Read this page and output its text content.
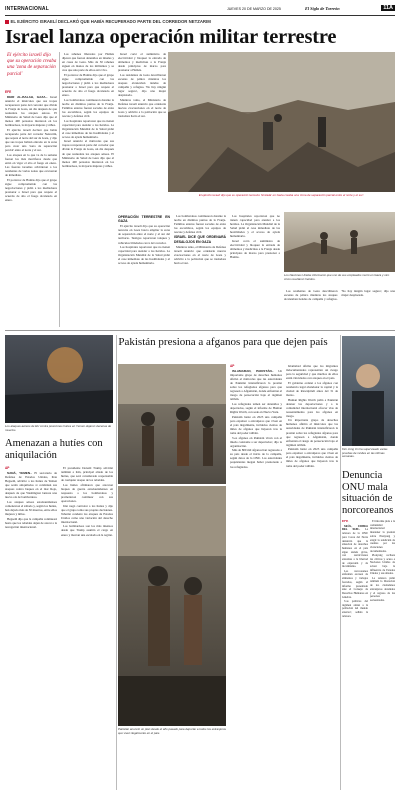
INTERNACIONAL	JUEVES 20 DE MARZO DE 2025	El Siglo de Torreón	11A
EL EJÉRCITO ISRAELÍ DECLARÓ QUE HABÍA RECUPERADO PARTE DEL CORREDOR NETZARIM
Israel lanza operación militar terrestre
El ejército israelí dijo que su operación creaba una 'zona de separación parcial'
EFE

DEIR AL-BALAH, GAZA.- Israel anunció el miércoles que sus tropas recuperaron parte del corredor que divide la Franja de Gaza, un día después de que reanudara los ataques aéreos. El Ministerio de Salud de Gaza dijo que al menos 400 personas murieron en los bombardeos, la mayoría mujeres y niños.

El ejército israelí declaró que había recuperado parte del corredor Netzarim, que separa el norte del sur de Gaza, y dijo que sus tropas habían entrado en la zona para crear una 'zona de separación parcial' entre el norte y el sur.

Los ataques en lo que va de la semana fueron los más mortíferos desde que entró en vigor el alto el fuego en enero. Las fuerzas israelíes advirtieron a los residentes de varias zonas que evacuaran de inmediato.

El portavoz de Hamás dijo que el grupo sigue comprometido con las negociaciones y pidió a los mediadores presionar a Israel para que respete el acuerdo de alto el fuego alcanzado en enero.

Los rehenes liberados por Hamás dijeron que fueron detenidos en túneles y en casas de Gaza. Más de 50 rehenes siguen en manos de los militantes y se cree que una parte de ellos está viva.

El portavoz de Hamás dijo que el grupo sigue comprometido con las negociaciones y pidió a los mediadores presionar a Israel para que respete el acuerdo de alto el fuego alcanzado en enero.

Los bombardeos continuaron durante la noche en distintos puntos de la Franja. Familias enteras fueron sacadas de entre los escombros, según los equipos de rescate y defensa civil.

Los hospitales reportaron que no tienen capacidad para atender a los heridos. La Organización Mundial de la Salud pidió el cese inmediato de las hostilidades y el acceso de ayuda humanitaria.

Israel anunció el miércoles que sus tropas recuperaron parte del corredor que divide la Franja de Gaza, un día después de que reanudara los ataques aéreos. El Ministerio de Salud de Gaza dijo que al menos 400 personas murieron en los bombardeos, la mayoría mujeres y niños.

Israel cortó el suministro de electricidad y bloqueó la entrada de alimentos y medicinas a la Franja desde principios de marzo para presionar a Hamás.

Los residentes de Gaza describieron escenas de pánico mientras los ataques alcanzaban tiendas de campaña y refugios. 'No hay ningún lugar seguro', dijo una mujer desplazada.

Mientras tanto, el Ministerio de Defensa israelí anunció que ordenaría nuevas evacuaciones en el norte de Gaza y advirtió a la población que se trasladara hacia el sur.

El ejército israelí dijo que su operación terrestre 'limitada' en Gaza creaba una 'zona de separación parcial entre el norte y el sur'.
OPERACIÓN TERRESTRE EN GAZA

El ejército israelí dijo que su operación terrestre en Gaza busca ampliar la zona de separación entre el norte y el sur del territorio. Testigos reportaron tanques y vehículos blindados cerca del corredor.

Los hospitales reportaron que no tienen capacidad para atender a los heridos. La Organización Mundial de la Salud pidió el cese inmediato de las hostilidades y el acceso de ayuda humanitaria.

Los bombardeos continuaron durante la noche en distintos puntos de la Franja. Familias enteras fueron sacadas de entre los escombros, según los equipos de rescate y defensa civil.

ISRAEL DICE QUE ORDENARÁ DESALOJOS EN GAZA

Mientras tanto, el Ministerio de Defensa israelí anunció que ordenaría nuevas evacuaciones en el norte de Gaza y advirtió a la población que se trasladara hacia el sur.

Los hospitales reportaron que no tienen capacidad para atender a los heridos. La Organización Mundial de la Salud pidió el cese inmediato de las hostilidades y el acceso de ayuda humanitaria.

Israel cortó el suministro de electricidad y bloqueó la entrada de alimentos y medicinas a la Franja desde principios de marzo para presionar a Hamás.

Los Naciones Unidas informaron que uno de sus empleados murió en Gaza y otro cinco resultaron heridos.

Los residentes de Gaza describieron escenas de pánico mientras los ataques alcanzaban tiendas de campaña y refugios. 'No hay ningún lugar seguro', dijo una mujer desplazada.

Los ataques aéreos de EU contra posiciones hutíes en Yemen dejaron decenas de muertos.
Pakistán presiona a afganos para que dejen país
Pakistán anunció un plan desde el año pasado para deportar a todos los extranjeros que viven ilegalmente en el país.
AP

ISLAMABAD, PAKISTÁN.- Un importante grupo de derechos humanos afirmó el miércoles que las autoridades de Pakistán intensificaron la presión sobre los refugiados afganos para que regresen a Afganistán, donde enfrentan el riesgo de persecución bajo el régimen talibán.

Los refugiados temen ser detenidos y deportados, según el informe de Human Rights Watch, con sede en Nueva York.

Pakistán lanzó en 2023 una campaña para expulsar a extranjeros que viven en el país ilegalmente, incluidos cientos de miles de afganos que huyeron tras la toma del poder talibán.

'Los afganos en Pakistán viven con el miedo constante a ser deportados', dijo la organización.

Más de 800 mil afganos han regresado a su país desde el inicio de la campaña, según datos de la ONU. Las autoridades paquistaníes niegan haber presionado a los refugiados.

Islamabad afirma que los migrantes indocumentados representan un riesgo para la seguridad y que muchos de ellos están vinculados con ataques en el país.

El gobierno ordenó a los afganos con residencia legal abandonar la capital y la ciudad de Rawalpindi antes del 31 de marzo.

Human Rights Watch pidió a Pakistán detener las deportaciones y a la comunidad internacional ofrecer vías de reasentamiento para los afganos en riesgo.

Un importante grupo de derechos humanos afirmó el miércoles que las autoridades de Pakistán intensificaron la presión sobre los refugiados afganos para que regresen a Afganistán, donde enfrentan el riesgo de persecución bajo el régimen talibán.

Pakistán lanzó en 2023 una campaña para expulsar a extranjeros que viven en el país ilegalmente, incluidos cientos de miles de afganos que huyeron tras la toma del poder talibán.

Kim Jong Un ha supervisado varias pruebas de misiles en las últimas semanas.
Denuncia ONU mala situación de norcoreanos
EFE

SEÚL, COREA DEL SUR.- La relatora de la ONU para Corea del Norte denunció que la situación de derechos humanos en el país sigue siendo grave, con restricciones extremas a la libertad de expresión y de movimiento.

Los norcoreanos enfrentan escasez de alimentos y trabajos forzados, según el informe presentado ante el Consejo de Derechos Humanos en Ginebra.

'Las políticas del régimen aíslan a la población del mundo exterior', señaló la relatora.

El informe pide a la comunidad internacional mantener la presión sobre Pionyang y exigir la rendición de cuentas por las violaciones documentadas.

Pionyang rechaza las críticas y acusa a Naciones Unidas de actuar bajo la influencia de Estados Unidos y sus aliados.

La relatora pidió también la liberación de los ciudadanos extranjeros detenidos y el regreso de las personas secuestradas.

Amenazan a hutíes con aniquilación
AP

SANÁ, YEMEN.- El secretario de Defensa de Estados Unidos, Pete Hegseth, advirtió a los hutíes de Yemen que serán aniquilados si continúan sus ataques contra buques en el mar Rojo, después de que Washington lanzara una nueva ola de bombardeos.

Los ataques aéreos estadounidenses comenzaron el sábado y, según los hutíes, han dejado más de 50 muertos, entre ellos mujeres y niños.

Hegseth dijo que la campaña continuará hasta que los rebeldes dejen de atacar a la navegación internacional.

El presidente Donald Trump advirtió también a Irán, principal aliado de los hutíes, que será considerado responsable de cualquier ataque de los rebeldes.

Los hutíes afirmaron que atacaron buques de guerra estadounidenses en respuesta a los bombardeos y prometieron continuar con sus operaciones.

Irán negó controlar a los hutíes y dijo que el grupo toma sus propias decisiones. Teherán condenó los ataques de Estados Unidos como una violación del derecho internacional.

Los bombardeos son los más intensos desde que Trump asumió el cargo en enero y marcan una escalada en la región.
